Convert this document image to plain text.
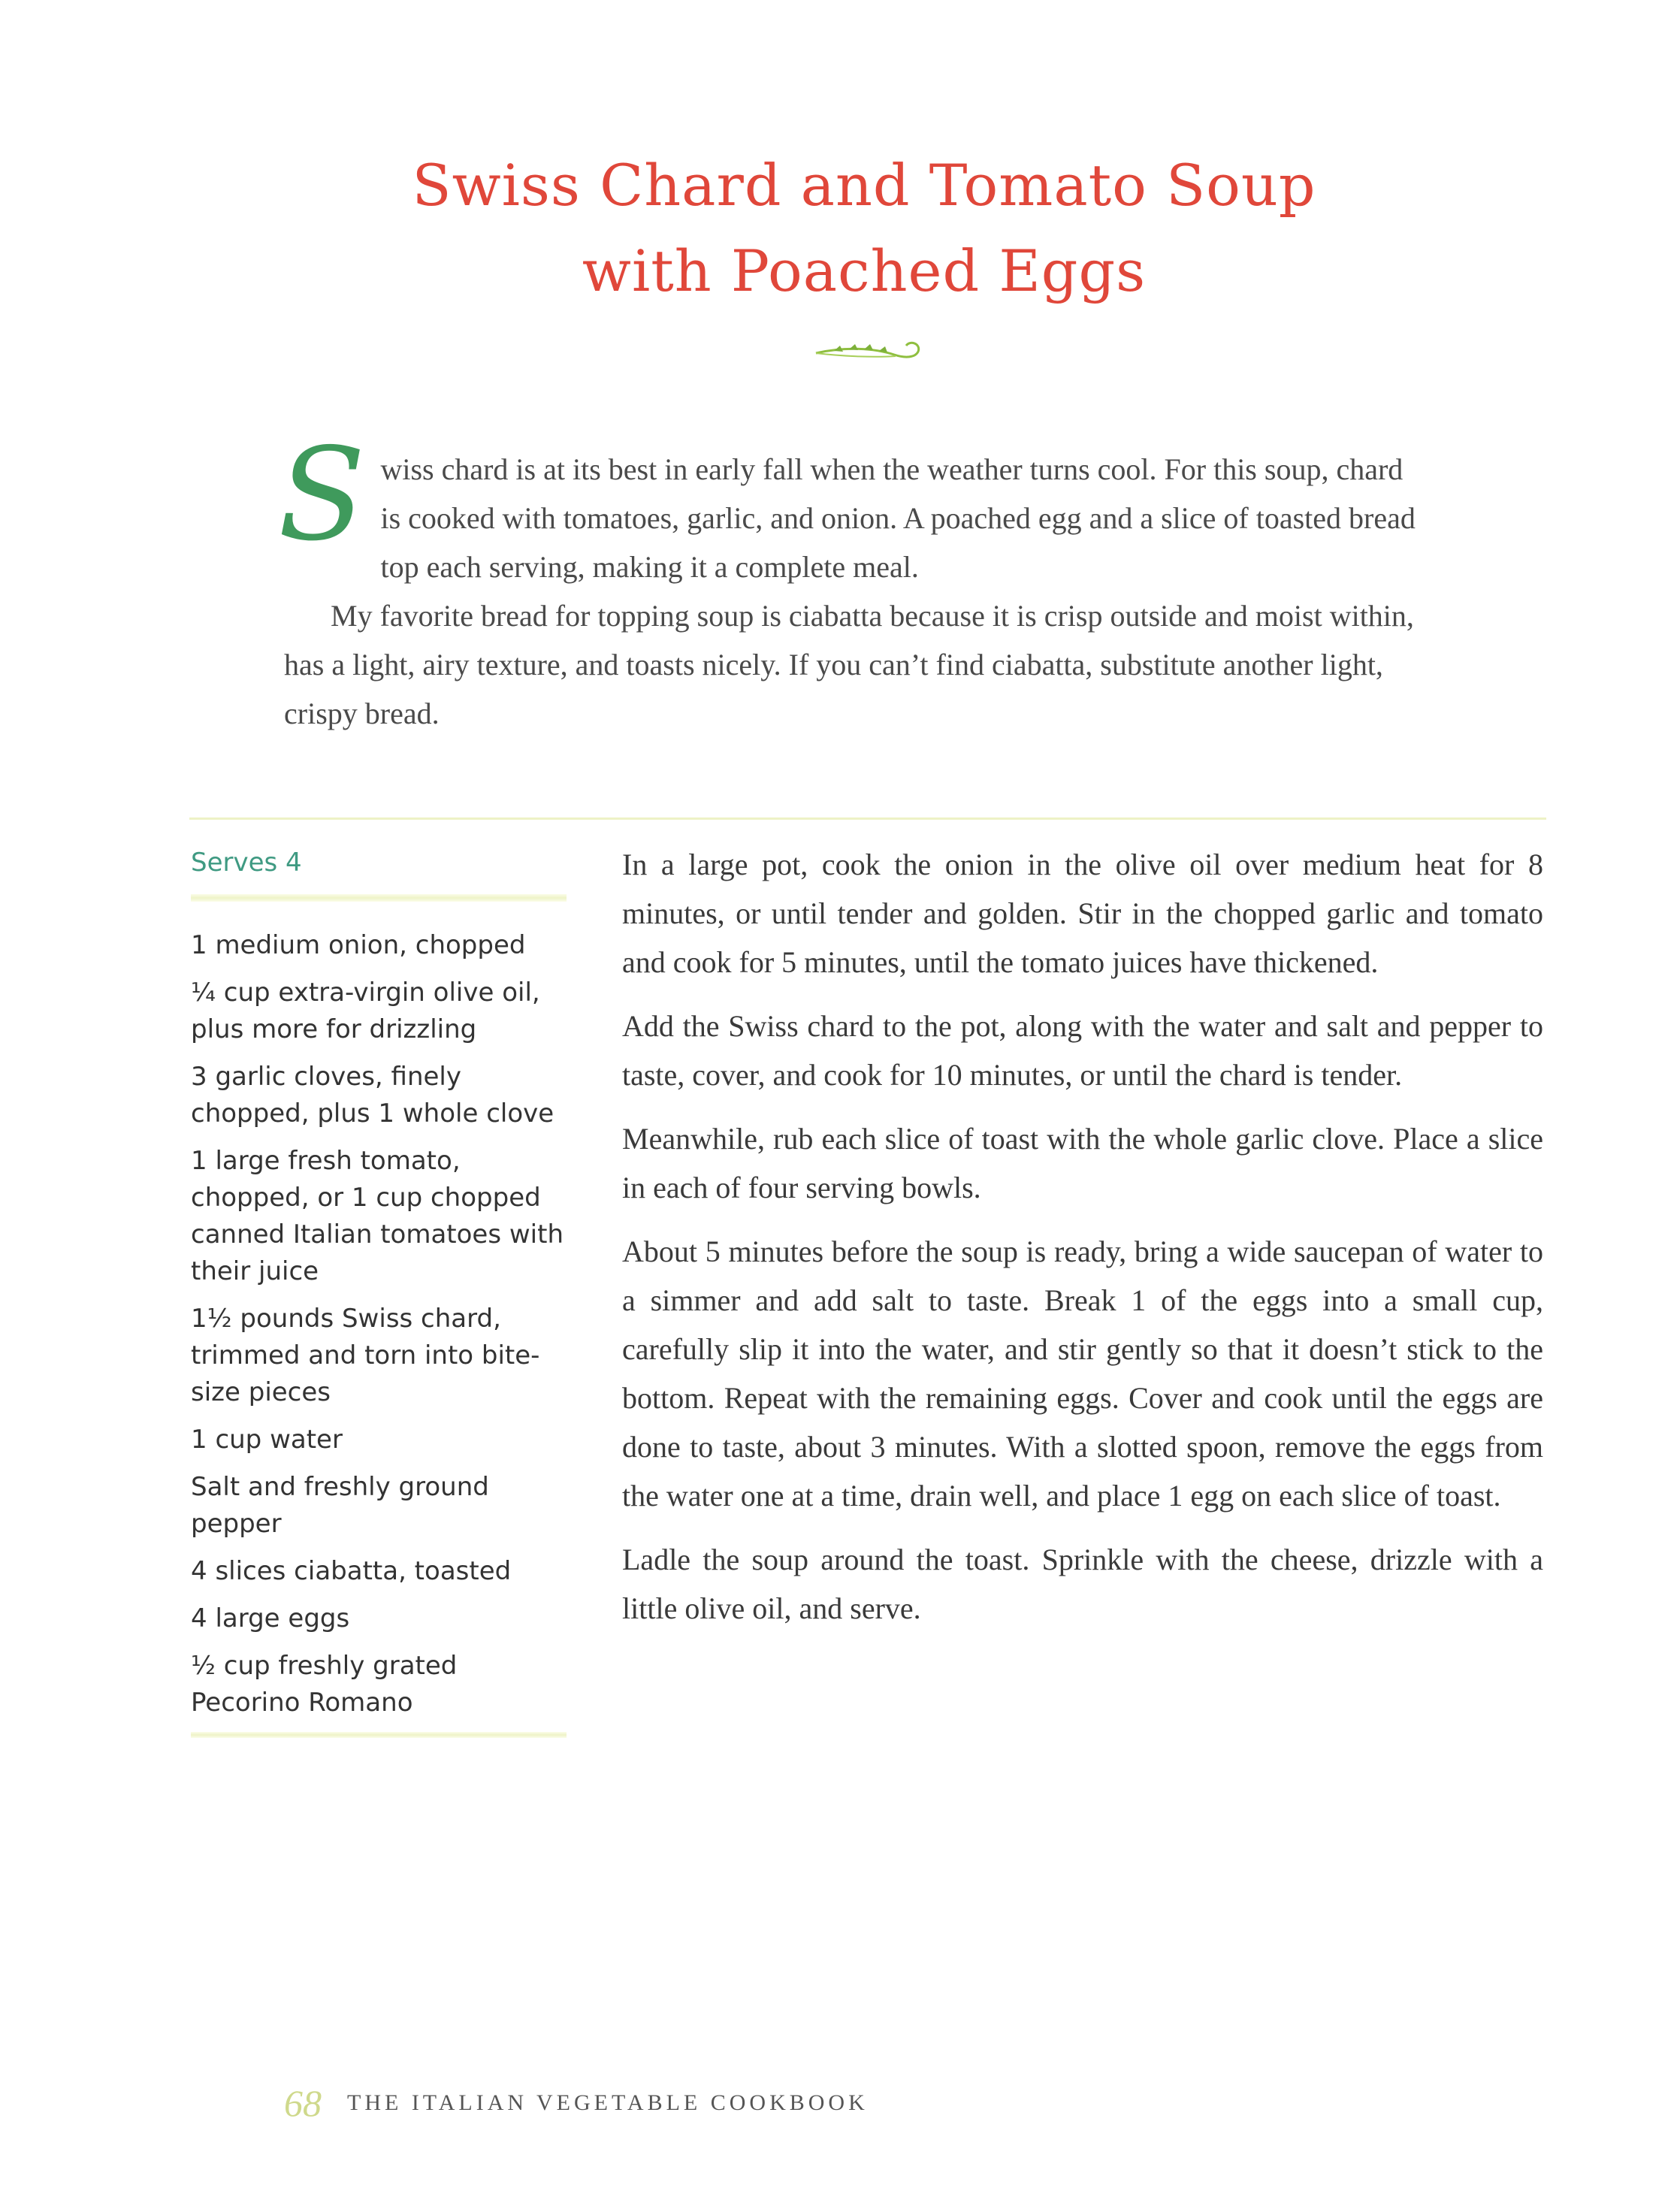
Swiss Chard and Tomato Soup
with Poached Eggs

Swiss chard is at its best in early fall when the weather turns cool. For this soup, chard is cooked with tomatoes, garlic, and onion. A poached egg and a slice of toasted bread top each serving, making it a complete meal.

My favorite bread for topping soup is ciabatta because it is crisp outside and moist within, has a light, airy texture, and toasts nicely. If you can’t find ciabatta, substitute another light, crispy bread.

Serves 4

1 medium onion, chopped
¼ cup extra-virgin olive oil, plus more for drizzling
3 garlic cloves, finely chopped, plus 1 whole clove
1 large fresh tomato, chopped, or 1 cup chopped canned Italian tomatoes with their juice
1½ pounds Swiss chard, trimmed and torn into bite-size pieces
1 cup water
Salt and freshly ground pepper
4 slices ciabatta, toasted
4 large eggs
½ cup freshly grated Pecorino Romano

In a large pot, cook the onion in the olive oil over medium heat for 8 minutes, or until tender and golden. Stir in the chopped garlic and tomato and cook for 5 minutes, until the tomato juices have thickened.

Add the Swiss chard to the pot, along with the water and salt and pepper to taste, cover, and cook for 10 minutes, or until the chard is tender.

Meanwhile, rub each slice of toast with the whole garlic clove. Place a slice in each of four serving bowls.

About 5 minutes before the soup is ready, bring a wide saucepan of water to a simmer and add salt to taste. Break 1 of the eggs into a small cup, carefully slip it into the water, and stir gently so that it doesn’t stick to the bottom. Repeat with the remaining eggs. Cover and cook until the eggs are done to taste, about 3 minutes. With a slotted spoon, remove the eggs from the water one at a time, drain well, and place 1 egg on each slice of toast.

Ladle the soup around the toast. Sprinkle with the cheese, drizzle with a little olive oil, and serve.

68 THE ITALIAN VEGETABLE COOKBOOK
